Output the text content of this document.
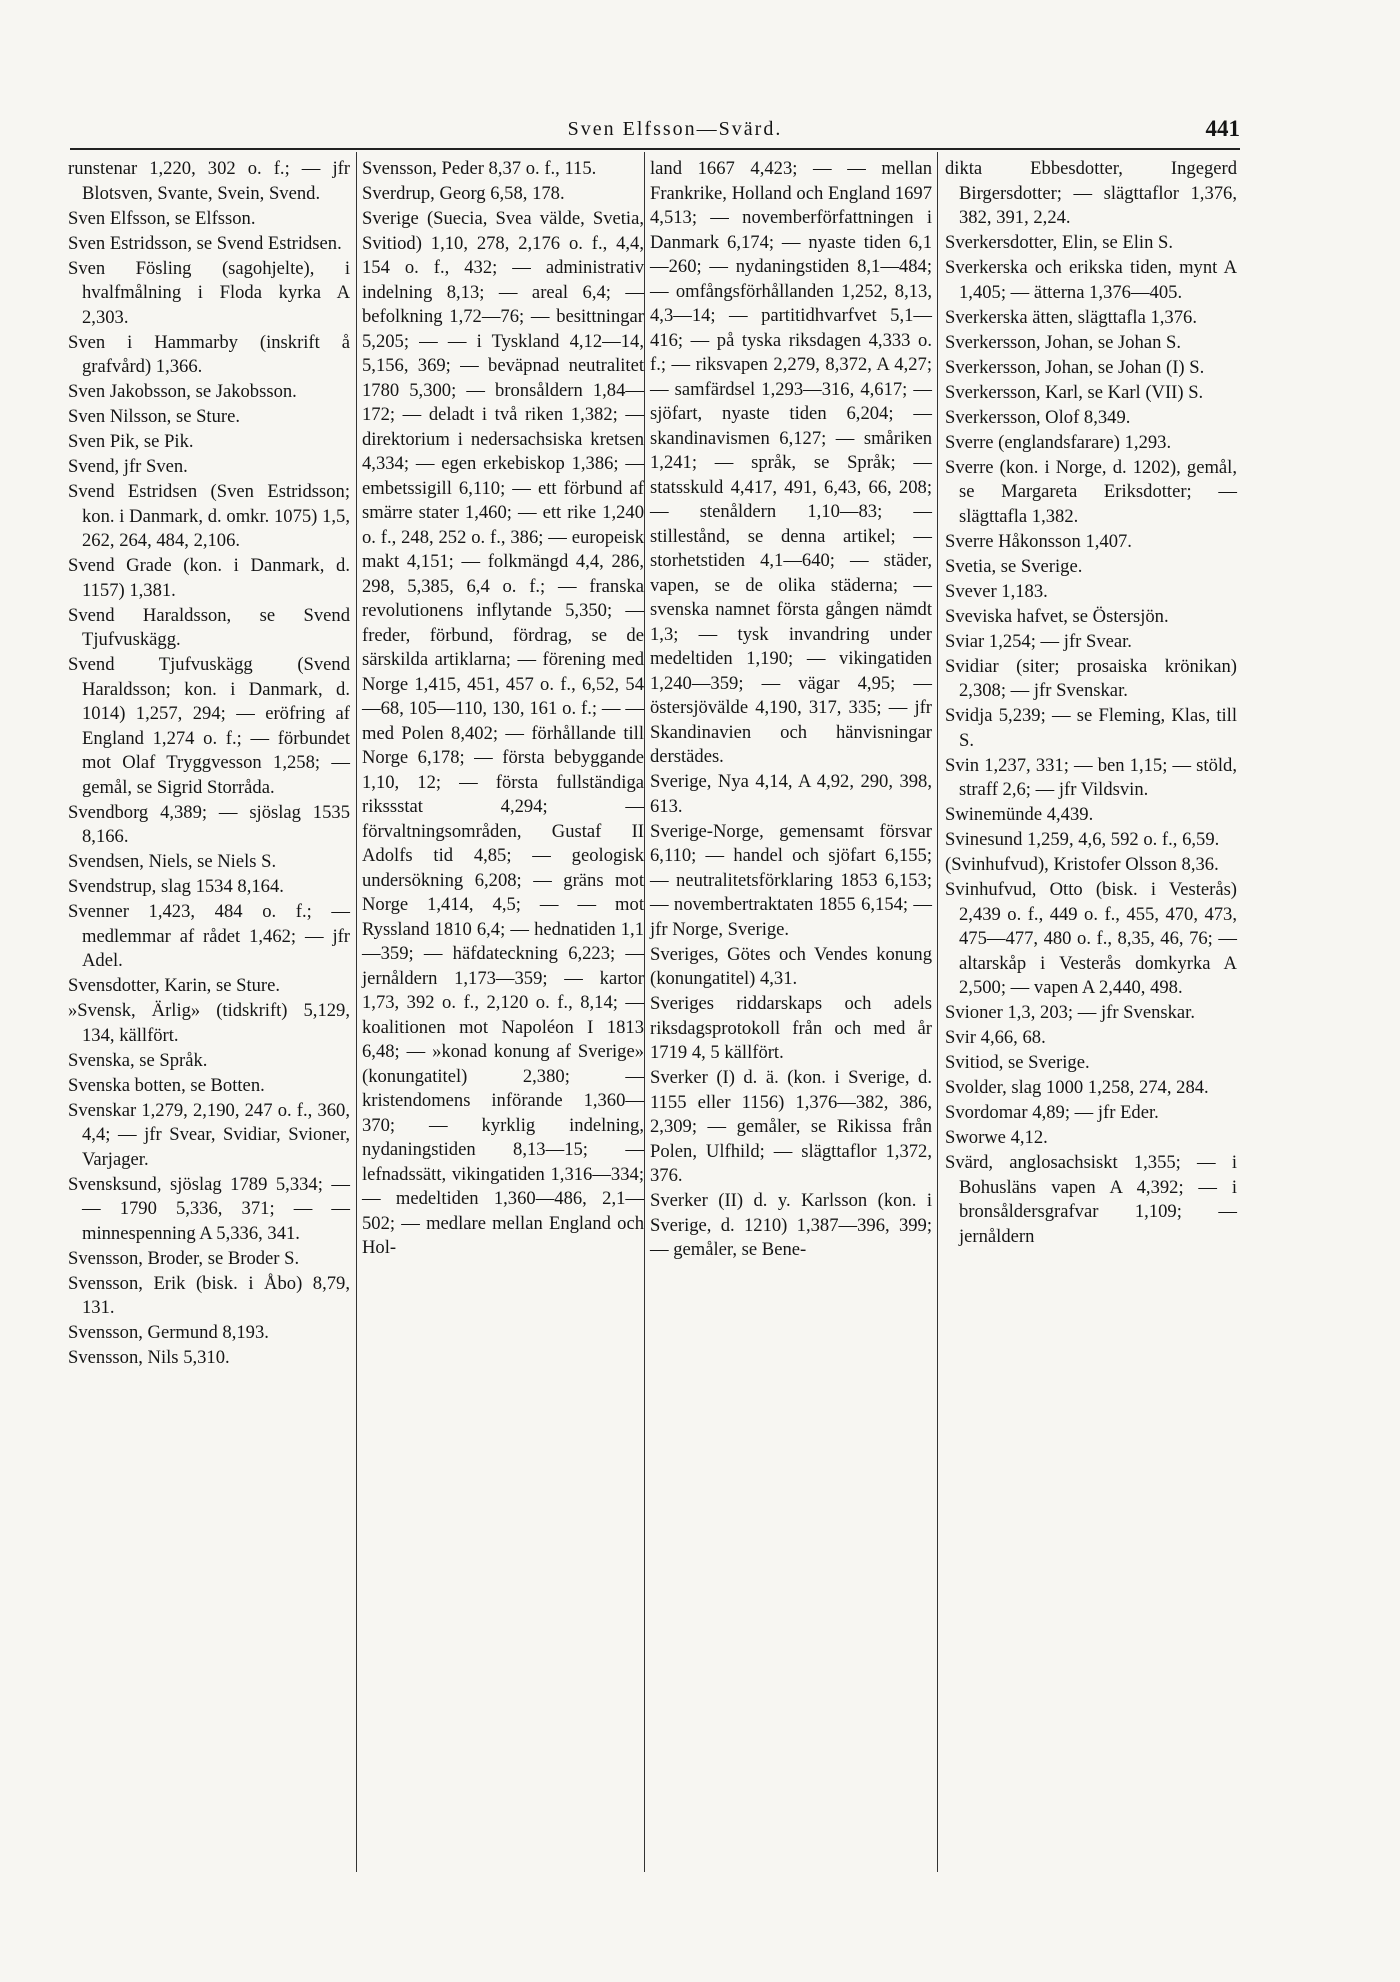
Sven Elfsson—Svärd.	441

runstenar 1,220, 302 o. f.; — jfr Blotsven, Svante, Svein, Svend.

Sven Elfsson, se Elfsson.

Sven Estridsson, se Svend Estridsen.

Sven Fösling (sagohjelte), i hvalfmålning i Floda kyrka A 2,303.

Sven i Hammarby (inskrift å grafvård) 1,366.

Sven Jakobsson, se Jakobsson.

Sven Nilsson, se Sture.

Sven Pik, se Pik.

Svend, jfr Sven.

Svend Estridsen (Sven Estridsson; kon. i Danmark, d. omkr. 1075) 1,5, 262, 264, 484, 2,106.

Svend Grade (kon. i Danmark, d. 1157) 1,381.

Svend Haraldsson, se Svend Tjufvuskägg.

Svend Tjufvuskägg (Svend Haraldsson; kon. i Danmark, d. 1014) 1,257, 294; — eröfring af England 1,274 o. f.; — förbundet mot Olaf Tryggvesson 1,258; — gemål, se Sigrid Storråda.

Svendborg 4,389; — sjöslag 1535 8,166.

Svendsen, Niels, se Niels S.

Svendstrup, slag 1534 8,164.

Svenner 1,423, 484 o. f.; — medlemmar af rådet 1,462; — jfr Adel.

Svensdotter, Karin, se Sture.

»Svensk, Ärlig» (tidskrift) 5,129, 134, källfört.

Svenska, se Språk.

Svenska botten, se Botten.

Svenskar 1,279, 2,190, 247 o. f., 360, 4,4; — jfr Svear, Svidiar, Svioner, Varjager.

Svensksund, sjöslag 1789 5,334; — — 1790 5,336, 371; — — minnespenning A 5,336, 341.

Svensson, Broder, se Broder S.

Svensson, Erik (bisk. i Åbo) 8,79, 131.

Svensson, Germund 8,193.

Svensson, Nils 5,310.

Svensson, Peder 8,37 o. f., 115.

Sverdrup, Georg 6,58, 178.

Sverige (Suecia, Svea välde, Svetia, Svitiod) 1,10, 278, 2,176 o. f., 4,4, 154 o. f., 432; — administrativ indelning 8,13; — areal 6,4; — befolkning 1,72—76; — besittningar 5,205; — — i Tyskland 4,12—14, 5,156, 369; — beväpnad neutralitet 1780 5,300; — bronsåldern 1,84—172; — deladt i två riken 1,382; — direktorium i nedersachsiska kretsen 4,334; — egen erkebiskop 1,386; — embetssigill 6,110; — ett förbund af smärre stater 1,460; — ett rike 1,240 o. f., 248, 252 o. f., 386; — europeisk makt 4,151; — folkmängd 4,4, 286, 298, 5,385, 6,4 o. f.; — franska revolutionens inflytande 5,350; — freder, förbund, fördrag, se de särskilda artiklarna; — förening med Norge 1,415, 451, 457 o. f., 6,52, 54—68, 105—110, 130, 161 o. f.; — — med Polen 8,402; — förhållande till Norge 6,178; — första bebyggande 1,10, 12; — första fullständiga rikssstat 4,294; — förvaltningsområden, Gustaf II Adolfs tid 4,85; — geologisk undersökning 6,208; — gräns mot Norge 1,414, 4,5; — — mot Ryssland 1810 6,4; — hednatiden 1,1—359; — häfdateckning 6,223; — jernåldern 1,173—359; — kartor 1,73, 392 o. f., 2,120 o. f., 8,14; — koalitionen mot Napoléon I 1813 6,48; — »konad konung af Sverige» (konungatitel) 2,380; — kristendomens införande 1,360—370; — kyrklig indelning, nydaningstiden 8,13—15; — lefnadssätt, vikingatiden 1,316—334; — medeltiden 1,360—486, 2,1—502; — medlare mellan England och Hol-

land 1667 4,423; — — mellan Frankrike, Holland och England 1697 4,513; — novemberförfattningen i Danmark 6,174; — nyaste tiden 6,1—260; — nydaningstiden 8,1—484; — omfångsförhållanden 1,252, 8,13, 4,3—14; — partitidhvarfvet 5,1—416; — på tyska riksdagen 4,333 o. f.; — riksvapen 2,279, 8,372, A 4,27; — samfärdsel 1,293—316, 4,617; — sjöfart, nyaste tiden 6,204; — skandinavismen 6,127; — småriken 1,241; — språk, se Språk; — statsskuld 4,417, 491, 6,43, 66, 208; — stenåldern 1,10—83; — stillestånd, se denna artikel; — storhetstiden 4,1—640; — städer, vapen, se de olika städerna; — svenska namnet första gången nämdt 1,3; — tysk invandring under medeltiden 1,190; — vikingatiden 1,240—359; — vägar 4,95; — östersjövälde 4,190, 317, 335; — jfr Skandinavien och hänvisningar derstädes.

Sverige, Nya 4,14, A 4,92, 290, 398, 613.

Sverige-Norge, gemensamt försvar 6,110; — handel och sjöfart 6,155; — neutralitetsförklaring 1853 6,153; — novembertraktaten 1855 6,154; — jfr Norge, Sverige.

Sveriges, Götes och Vendes konung (konungatitel) 4,31.

Sveriges riddarskaps och adels riksdagsprotokoll från och med år 1719 4, 5 källfört.

Sverker (I) d. ä. (kon. i Sverige, d. 1155 eller 1156) 1,376—382, 386, 2,309; — gemåler, se Rikissa från Polen, Ulfhild; — slägttaflor 1,372, 376.

Sverker (II) d. y. Karlsson (kon. i Sverige, d. 1210) 1,387—396, 399; — gemåler, se Bene-

dikta Ebbesdotter, Ingegerd Birgersdotter; — slägttaflor 1,376, 382, 391, 2,24.

Sverkersdotter, Elin, se Elin S.

Sverkerska och erikska tiden, mynt A 1,405; — ätterna 1,376—405.

Sverkerska ätten, slägttafla 1,376.

Sverkersson, Johan, se Johan S.

Sverkersson, Johan, se Johan (I) S.

Sverkersson, Karl, se Karl (VII) S.

Sverkersson, Olof 8,349.

Sverre (englandsfarare) 1,293.

Sverre (kon. i Norge, d. 1202), gemål, se Margareta Eriksdotter; — slägttafla 1,382.

Sverre Håkonsson 1,407.

Svetia, se Sverige.

Svever 1,183.

Sveviska hafvet, se Östersjön.

Sviar 1,254; — jfr Svear.

Svidiar (siter; prosaiska krönikan) 2,308; — jfr Svenskar.

Svidja 5,239; — se Fleming, Klas, till S.

Svin 1,237, 331; — ben 1,15; — stöld, straff 2,6; — jfr Vildsvin.

Swinemünde 4,439.

Svinesund 1,259, 4,6, 592 o. f., 6,59.

(Svinhufvud), Kristofer Olsson 8,36.

Svinhufvud, Otto (bisk. i Vesterås) 2,439 o. f., 449 o. f., 455, 470, 473, 475—477, 480 o. f., 8,35, 46, 76; — altarskåp i Vesterås domkyrka A 2,500; — vapen A 2,440, 498.

Svioner 1,3, 203; — jfr Svenskar.

Svir 4,66, 68.

Svitiod, se Sverige.

Svolder, slag 1000 1,258, 274, 284.

Svordomar 4,89; — jfr Eder.

Sworwe 4,12.

Svärd, anglosachsiskt 1,355; — i Bohusläns vapen A 4,392; — i bronsåldersgrafvar 1,109; — jernåldern
